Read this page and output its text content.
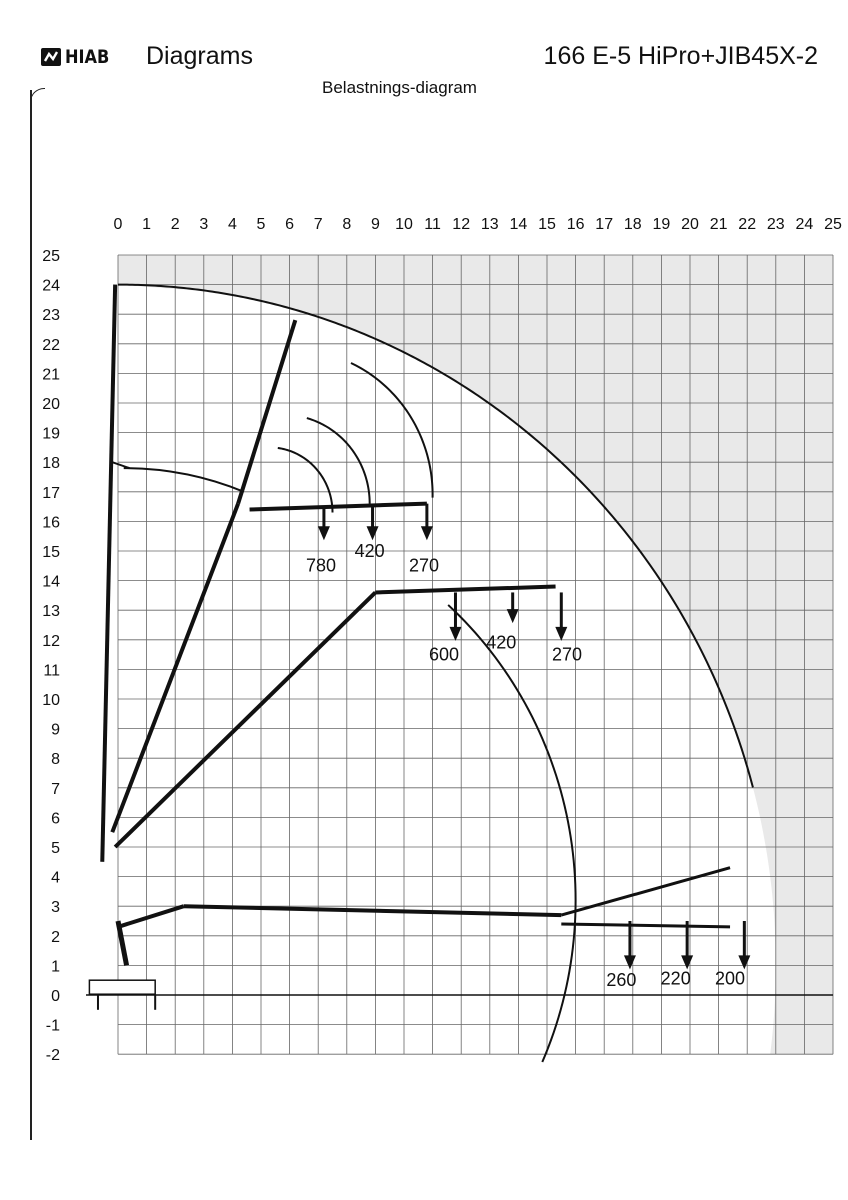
HIAB Diagrams	166 E-5 HiPro+JIB45X-2
Belastnings-diagram
0 1 2 3 4 5 6 7 8 9 10 11 12 13 14 15 16 17 18 19 20 21 22 23 24 25
25
24
23
22
21
20
19
18
17
16
15
14
13
12
11
10
9
8
7
6
5
4
3
2
1
0
-1
-2
780
420
270
600
420
270
260 220 200
